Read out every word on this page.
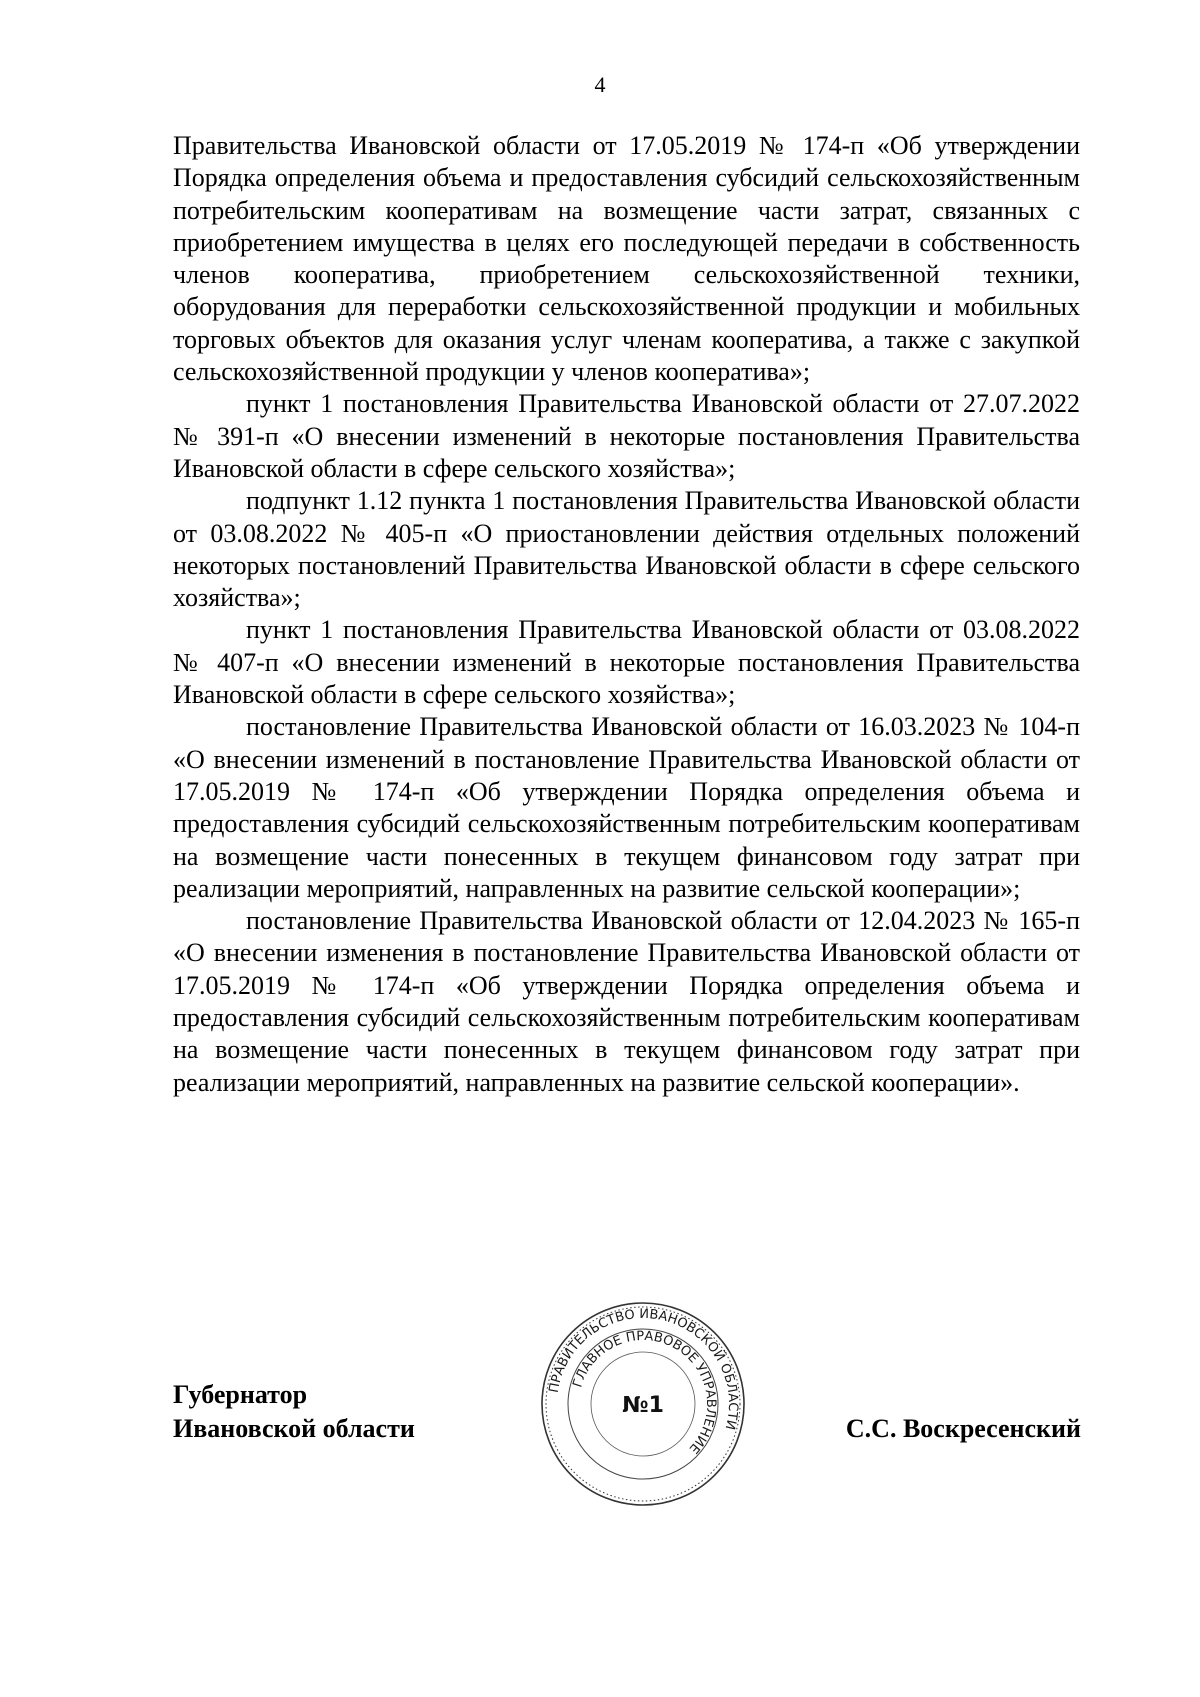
4

Правительства Ивановской области от 17.05.2019 № 174-п «Об утверждении Порядка определения объема и предоставления субсидий сельскохозяйственным потребительским кооперативам на возмещение части затрат, связанных с приобретением имущества в целях его последующей передачи в собственность членов кооператива, приобретением сельскохозяйственной техники, оборудования для переработки сельскохозяйственной продукции и мобильных торговых объектов для оказания услуг членам кооператива, а также с закупкой сельскохозяйственной продукции у членов кооператива»;

пункт 1 постановления Правительства Ивановской области от 27.07.2022 № 391-п «О внесении изменений в некоторые постановления Правительства Ивановской области в сфере сельского хозяйства»;

подпункт 1.12 пункта 1 постановления Правительства Ивановской области от 03.08.2022 № 405-п «О приостановлении действия отдельных положений некоторых постановлений Правительства Ивановской области в сфере сельского хозяйства»;

пункт 1 постановления Правительства Ивановской области от 03.08.2022 № 407-п «О внесении изменений в некоторые постановления Правительства Ивановской области в сфере сельского хозяйства»;

постановление Правительства Ивановской области от 16.03.2023 № 104-п «О внесении изменений в постановление Правительства Ивановской области от 17.05.2019 № 174-п «Об утверждении Порядка определения объема и предоставления субсидий сельскохозяйственным потребительским кооперативам на возмещение части понесенных в текущем финансовом году затрат при реализации мероприятий, направленных на развитие сельской кооперации»;

постановление Правительства Ивановской области от 12.04.2023 № 165-п «О внесении изменения в постановление Правительства Ивановской области от 17.05.2019 № 174-п «Об утверждении Порядка определения объема и предоставления субсидий сельскохозяйственным потребительским кооперативам на возмещение части понесенных в текущем финансовом году затрат при реализации мероприятий, направленных на развитие сельской кооперации».

Губернатор
Ивановской области
ПРАВИТЕЛЬСТВО ИВАНОВСКОЙ ОБЛАСТИ
ГЛАВНОЕ ПРАВОВОЕ УПРАВЛЕНИЕ
№1
С.С. Воскресенский
